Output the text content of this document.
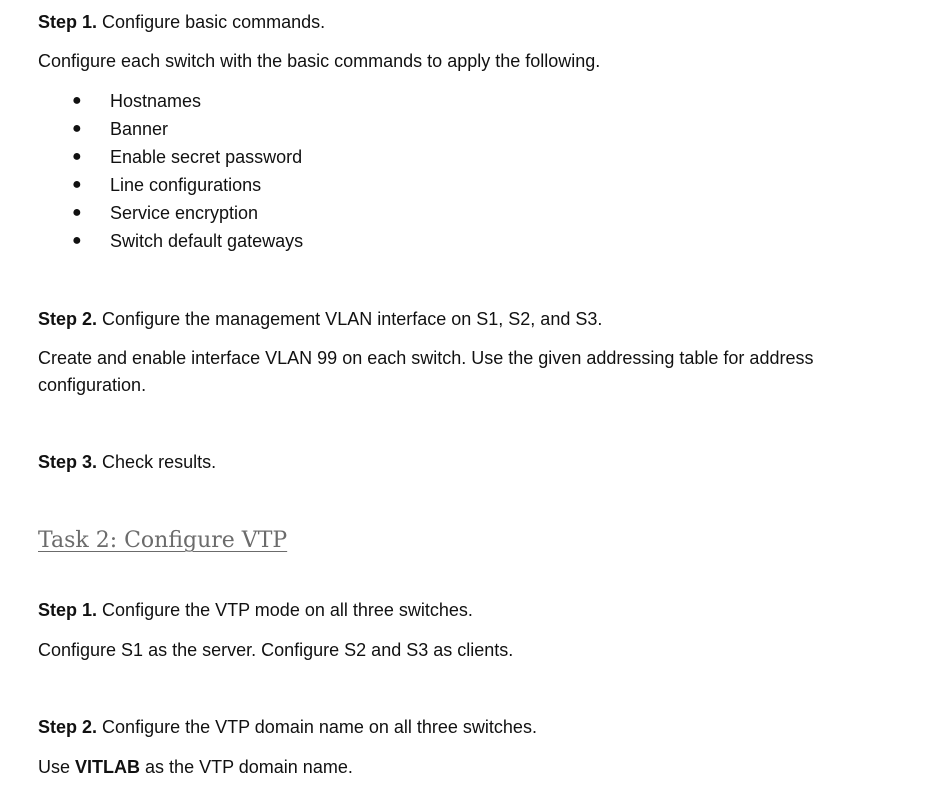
Step 1. Configure basic commands.
Configure each switch with the basic commands to apply the following.
● Hostnames
● Banner
● Enable secret password
● Line configurations
● Service encryption
● Switch default gateways
Step 2. Configure the management VLAN interface on S1, S2, and S3.
Create and enable interface VLAN 99 on each switch. Use the given addressing table for address configuration.
Step 3. Check results.
Task 2: Configure VTP
Step 1. Configure the VTP mode on all three switches.
Configure S1 as the server. Configure S2 and S3 as clients.
Step 2. Configure the VTP domain name on all three switches.
Use VITLAB as the VTP domain name.
